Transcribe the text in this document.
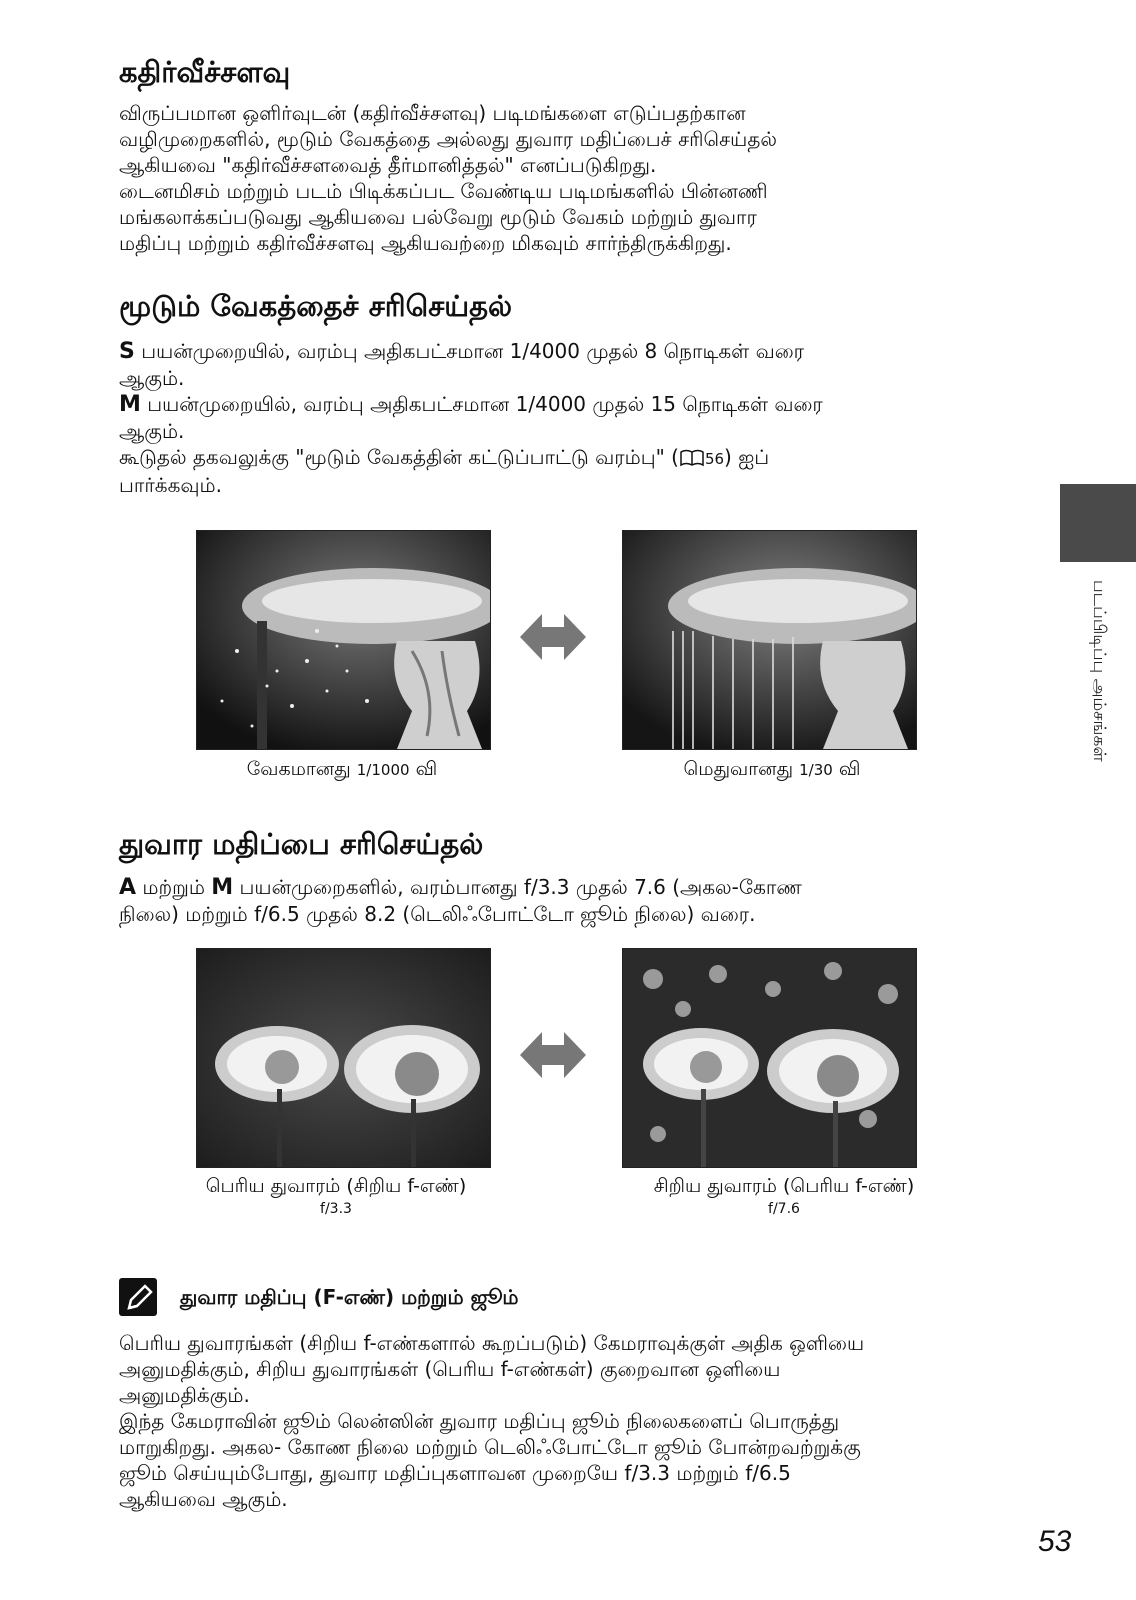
கதிர்வீச்சளவு

விருப்பமான ஒளிர்வுடன் (கதிர்வீச்சளவு) படிமங்களை எடுப்பதற்கான

வழிமுறைகளில், மூடும் வேகத்தை அல்லது துவார மதிப்பைச் சரிசெய்தல்

ஆகியவை "கதிர்வீச்சளவைத் தீர்மானித்தல்" எனப்படுகிறது.

டைனமிசம் மற்றும் படம் பிடிக்கப்பட வேண்டிய படிமங்களில் பின்னணி

மங்கலாக்கப்படுவது ஆகியவை பல்வேறு மூடும் வேகம் மற்றும் துவார

மதிப்பு மற்றும் கதிர்வீச்சளவு ஆகியவற்றை மிகவும் சார்ந்திருக்கிறது.

மூடும் வேகத்தைச் சரிசெய்தல்

S பயன்முறையில், வரம்பு அதிகபட்சமான 1/4000 முதல் 8 நொடிகள் வரை

ஆகும்.

M பயன்முறையில், வரம்பு அதிகபட்சமான 1/4000 முதல் 15 நொடிகள் வரை

ஆகும்.

கூடுதல் தகவலுக்கு "மூடும் வேகத்தின் கட்டுப்பாட்டு வரம்பு" ( 56) ஐப்

பார்க்கவும்.

வேகமானது 1/1000 வி	மெதுவானது 1/30 வி
துவார மதிப்பை சரிசெய்தல்

A மற்றும் M பயன்முறைகளில், வரம்பானது f/3.3 முதல் 7.6 (அகல-கோண

நிலை) மற்றும் f/6.5 முதல் 8.2 (டெலிஃபோட்டோ ஜூம் நிலை) வரை.

பெரிய துவாரம் (சிறிய f-எண்)
f/3.3
சிறிய துவாரம் (பெரிய f-எண்)
f/7.6

துவார மதிப்பு (F-எண்) மற்றும் ஜூம்

பெரிய துவாரங்கள் (சிறிய f-எண்களால் கூறப்படும்) கேமராவுக்குள் அதிக ஒளியை

அனுமதிக்கும், சிறிய துவாரங்கள் (பெரிய f-எண்கள்) குறைவான ஒளியை

அனுமதிக்கும்.

இந்த கேமராவின் ஜூம் லென்ஸின் துவார மதிப்பு ஜூம் நிலைகளைப் பொருத்து

மாறுகிறது. அகல- கோண நிலை மற்றும் டெலிஃபோட்டோ ஜூம் போன்றவற்றுக்கு

ஜூம் செய்யும்போது, துவார மதிப்புகளாவன முறையே f/3.3 மற்றும் f/6.5

ஆகியவை ஆகும்.

படப்பிடிப்பு அம்சங்கள்
53
